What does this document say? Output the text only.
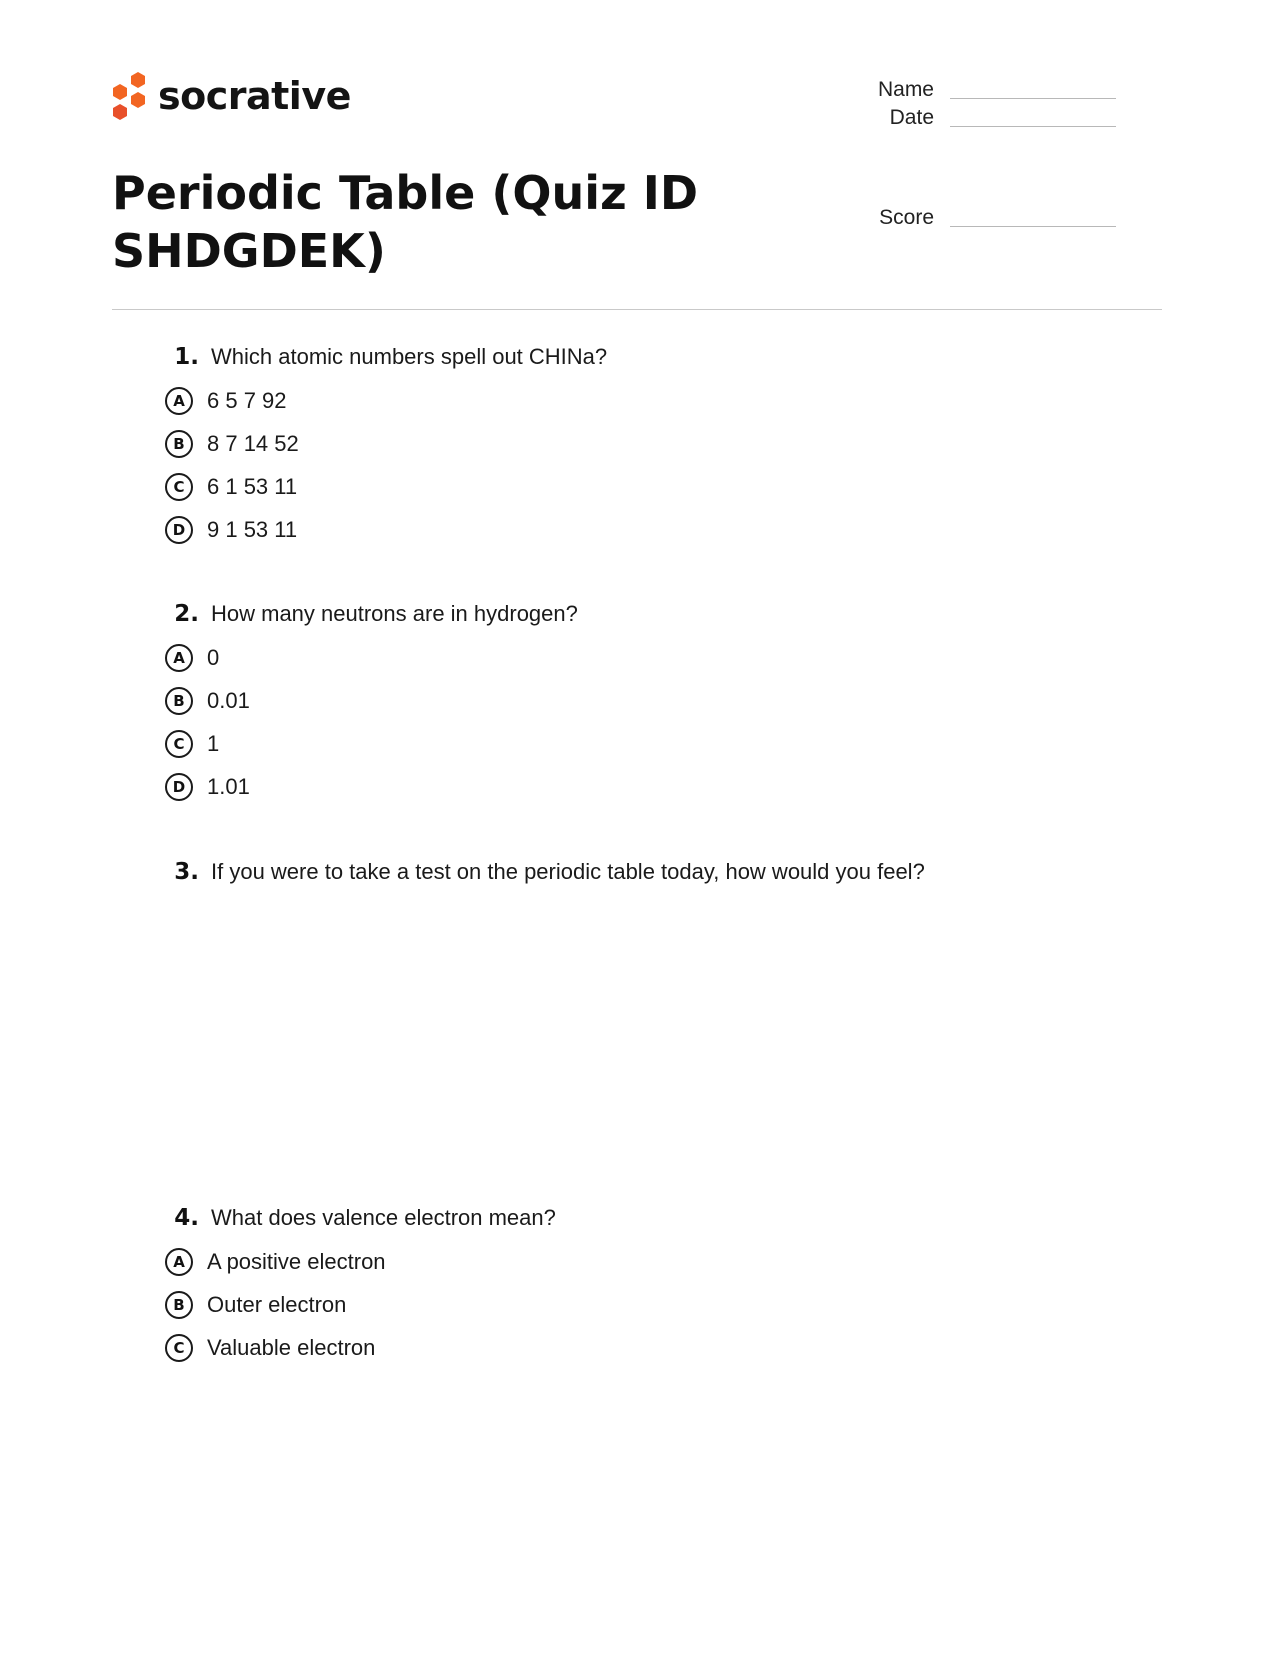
socrative	Name
Date
Score
Periodic Table (Quiz ID SHDGDEK)
1. Which atomic numbers spell out CHINa?
A	6 5 7 92
B	8 7 14 52
C	6 1 53 11
D 9 1 53 11
2. How many neutrons are in hydrogen?
A	0
B	0.01
C	1
D 1.01
3. If you were to take a test on the periodic table today, how would you feel?
4. What does valence electron mean?
A	A positive electron
B	Outer electron
C	Valuable electron
